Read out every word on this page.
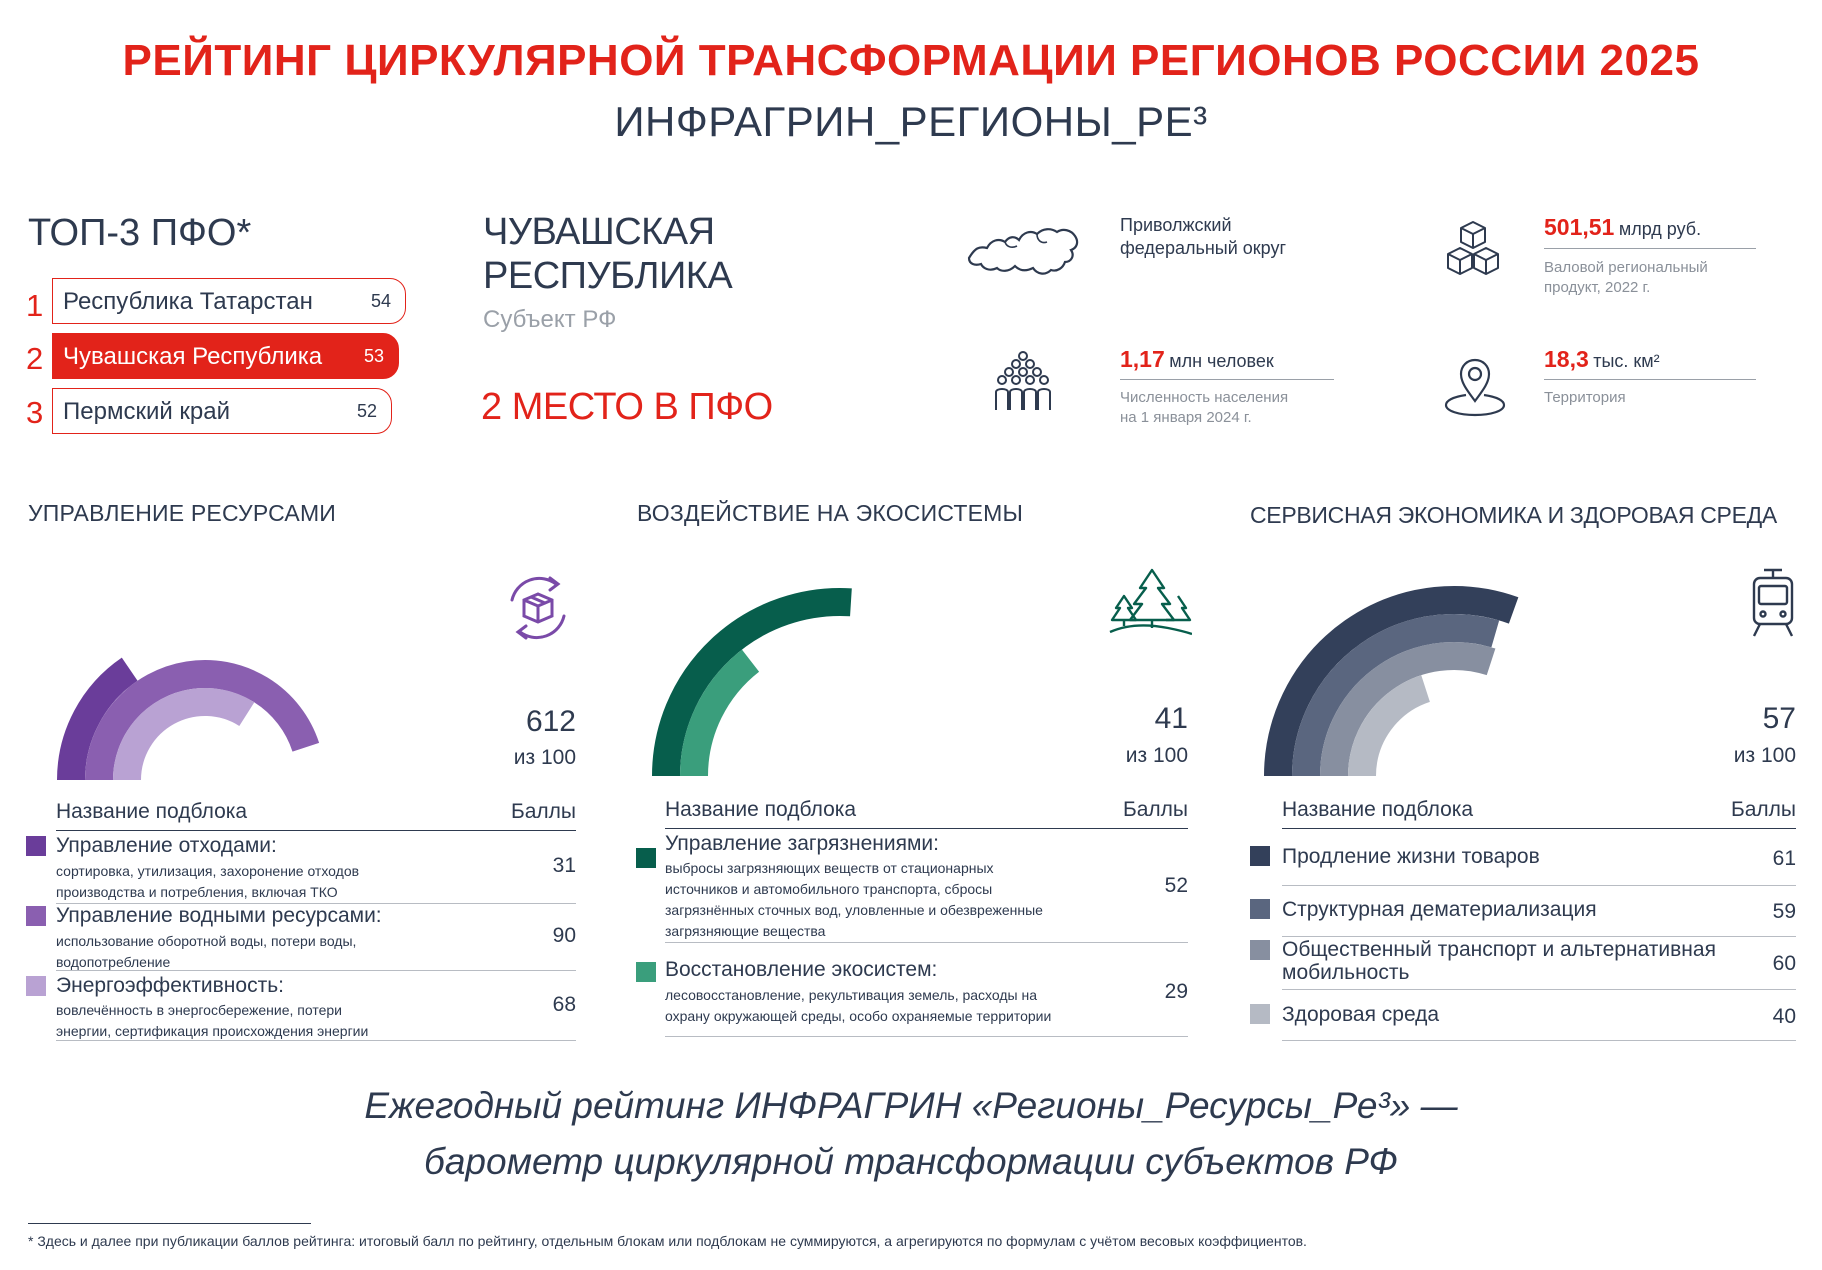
РЕЙТИНГ ЦИРКУЛЯРНОЙ ТРАНСФОРМАЦИИ РЕГИОНОВ РОССИИ 2025
ИНФРАГРИН_РЕГИОНЫ_РЕ³
ТОП-3 ПФО*
1 Республика Татарстан	54
2 Чувашская Республика 53
3 Пермский край	52
ЧУВАШСКАЯ
РЕСПУБЛИКА
Субъект РФ
2 МЕСТО В ПФО
Приволжский
федеральный округ
501,51 млрд руб.
Валовой региональный
продукт, 2022 г.
1,17 млн человек
Численность населения
на 1 января 2024 г.
18,3 тыс. км²
Территория
УПРАВЛЕНИЕ РЕСУРСАМИ
612
из 100
Название подблока	Баллы
Управление отходами:
сортировка, утилизация, захоронение отходов
производства и потребления, включая ТКО
31
Управление водными ресурсами:
использование оборотной воды, потери воды,
водопотребление
90
Энергоэффективность:
вовлечённость в энергосбережение, потери
энергии, сертификация происхождения энергии
68
ВОЗДЕЙСТВИЕ НА ЭКОСИСТЕМЫ
41
из 100
Название подблока	Баллы
Управление загрязнениями:
выбросы загрязняющих веществ от стационарных
источников и автомобильного транспорта, сбросы
загрязнённых сточных вод, уловленные и обезвреженные
загрязняющие вещества
52
Восстановление экосистем:
лесовосстановление, рекультивация земель, расходы на
охрану окружающей среды, особо охраняемые территории
29
СЕРВИСНАЯ ЭКОНОМИКА И ЗДОРОВАЯ СРЕДА
57
из 100
Название подблока	Баллы
Продление жизни товаров	61
Структурная дематериализация	59
Общественный транспорт и альтернативная
мобильность	60
Здоровая среда	40
Ежегодный рейтинг ИНФРАГРИН «Регионы_Ресурсы_Ре³» —
барометр циркулярной трансформации субъектов РФ
* Здесь и далее при публикации баллов рейтинга: итоговый балл по рейтингу, отдельным блокам или подблокам не суммируются, а агрегируются по формулам с учётом весовых коэффициентов.
